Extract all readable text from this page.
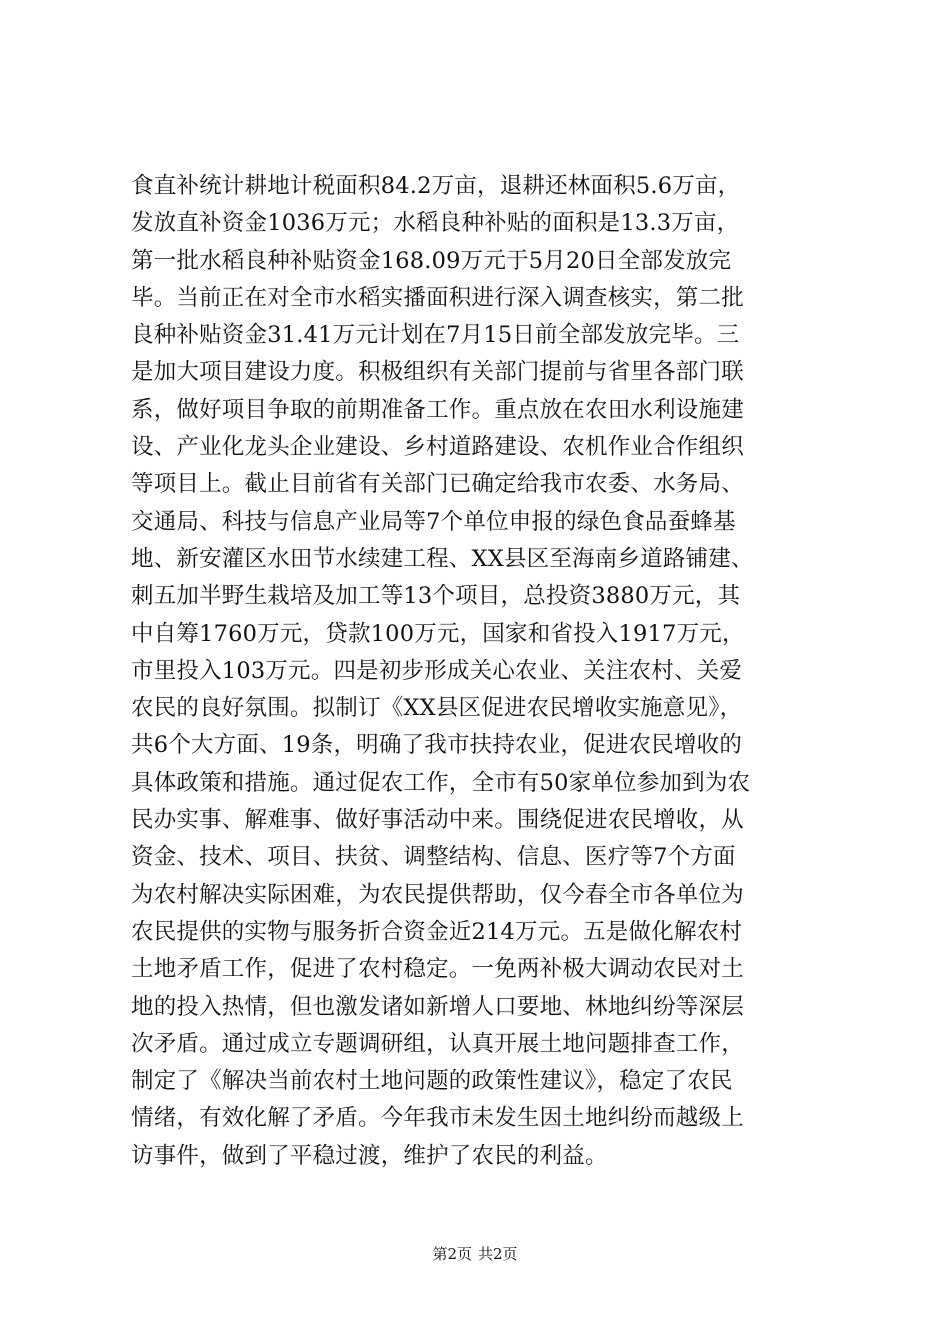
食直补统计耕地计税面积84.2万亩，退耕还林面积5.6万亩，
发放直补资金1036万元；水稻良种补贴的面积是13.3万亩，
第一批水稻良种补贴资金168.09万元于5月20日全部发放完
毕。当前正在对全市水稻实播面积进行深入调查核实，第二批
良种补贴资金31.41万元计划在7月15日前全部发放完毕。三
是加大项目建设力度。积极组织有关部门提前与省里各部门联
系，做好项目争取的前期准备工作。重点放在农田水利设施建
设、产业化龙头企业建设、乡村道路建设、农机作业合作组织
等项目上。截止目前省有关部门已确定给我市农委、水务局、
交通局、科技与信息产业局等7个单位申报的绿色食品蚕蜂基
地、新安灌区水田节水续建工程、XX县区至海南乡道路铺建、
刺五加半野生栽培及加工等13个项目，总投资3880万元，其
中自筹1760万元，贷款100万元，国家和省投入1917万元，
市里投入103万元。四是初步形成关心农业、关注农村、关爱
农民的良好氛围。拟制订《XX县区促进农民增收实施意见》，
共6个大方面、19条，明确了我市扶持农业，促进农民增收的
具体政策和措施。通过促农工作，全市有50家单位参加到为农
民办实事、解难事、做好事活动中来。围绕促进农民增收，从
资金、技术、项目、扶贫、调整结构、信息、医疗等7个方面
为农村解决实际困难，为农民提供帮助，仅今春全市各单位为
农民提供的实物与服务折合资金近214万元。五是做化解农村
土地矛盾工作，促进了农村稳定。一免两补极大调动农民对土
地的投入热情，但也激发诸如新增人口要地、林地纠纷等深层
次矛盾。通过成立专题调研组，认真开展土地问题排查工作，
制定了《解决当前农村土地问题的政策性建议》，稳定了农民
情绪，有效化解了矛盾。今年我市未发生因土地纠纷而越级上
访事件，做到了平稳过渡，维护了农民的利益。
第2页 共2页
